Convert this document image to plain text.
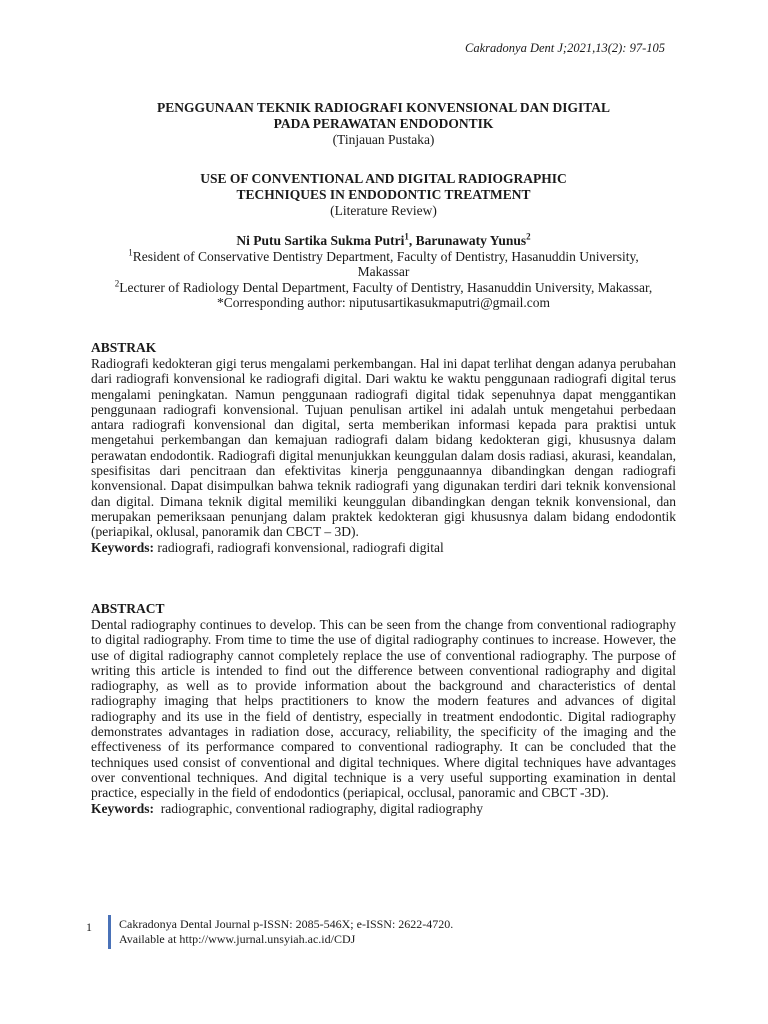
Cakradonya Dent J;2021,13(2): 97-105
PENGGUNAAN TEKNIK RADIOGRAFI KONVENSIONAL DAN DIGITAL
PADA PERAWATAN ENDODONTIK
(Tinjauan Pustaka)
USE OF CONVENTIONAL AND DIGITAL RADIOGRAPHIC
TECHNIQUES IN ENDODONTIC TREATMENT
(Literature Review)
Ni Putu Sartika Sukma Putri$^1$, Barunawaty Yunus$^2$
$^1$Resident of Conservative Dentistry Department, Faculty of Dentistry, Hasanuddin University,
Makassar
$^2$Lecturer of Radiology Dental Department, Faculty of Dentistry, Hasanuddin University, Makassar,
*Corresponding author: niputusartikasukmaputri@gmail.com
ABSTRAK

Radiografi kedokteran gigi terus mengalami perkembangan. Hal ini dapat terlihat dengan adanya perubahan dari radiografi konvensional ke radiografi digital. Dari waktu ke waktu penggunaan radiografi digital terus mengalami peningkatan. Namun penggunaan radiografi digital tidak sepenuhnya dapat menggantikan penggunaan radiografi konvensional. Tujuan penulisan artikel ini adalah untuk mengetahui perbedaan antara radiografi konvensional dan digital, serta memberikan informasi kepada para praktisi untuk mengetahui perkembangan dan kemajuan radiografi dalam bidang kedokteran gigi, khususnya dalam perawatan endodontik. Radiografi digital menunjukkan keunggulan dalam dosis radiasi, akurasi, keandalan, spesifisitas dari pencitraan dan efektivitas kinerja penggunaannya dibandingkan dengan radiografi konvensional. Dapat disimpulkan bahwa teknik radiografi yang digunakan terdiri dari teknik konvensional dan digital. Dimana teknik digital memiliki keunggulan dibandingkan dengan teknik konvensional, dan merupakan pemeriksaan penunjang dalam praktek kedokteran gigi khususnya dalam bidang endodontik (periapikal, oklusal, panoramik dan CBCT – 3D).

Keywords: radiografi, radiografi konvensional, radiografi digital
ABSTRACT

Dental radiography continues to develop. This can be seen from the change from conventional radiography to digital radiography. From time to time the use of digital radiography continues to increase. However, the use of digital radiography cannot completely replace the use of conventional radiography. The purpose of writing this article is intended to find out the difference between conventional radiography and digital radiography, as well as to provide information about the background and characteristics of dental radiography imaging that helps practitioners to know the modern features and advances of digital radiography and its use in the field of dentistry, especially in treatment endodontic. Digital radiography demonstrates advantages in radiation dose, accuracy, reliability, the specificity of the imaging and the effectiveness of its performance compared to conventional radiography. It can be concluded that the techniques used consist of conventional and digital techniques. Where digital techniques have advantages over conventional techniques. And digital technique is a very useful supporting examination in dental practice, especially in the field of endodontics (periapical, occlusal, panoramic and CBCT -3D).

Keywords:  radiographic, conventional radiography, digital radiography
1 Cakradonya Dental Journal p-ISSN: 2085-546X; e-ISSN: 2622-4720.
Available at http://www.jurnal.unsyiah.ac.id/CDJ
